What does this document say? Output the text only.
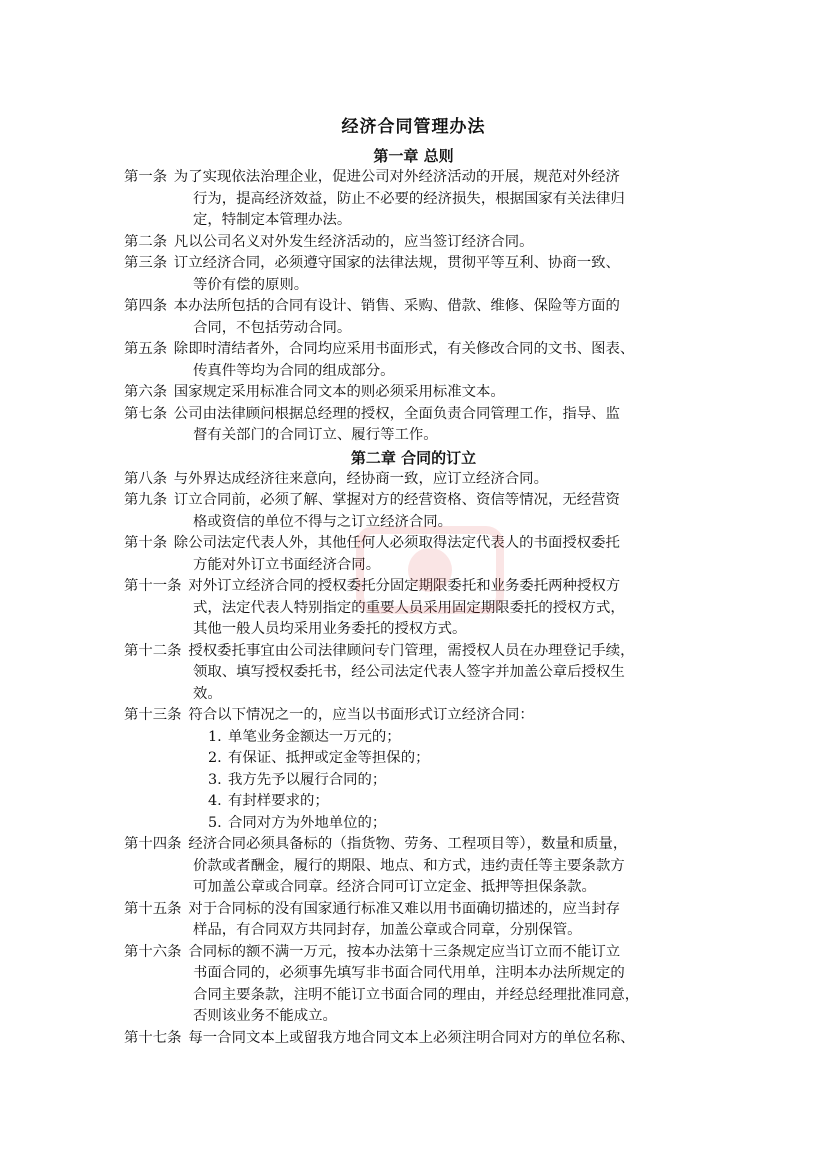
经济合同管理办法
第一章 总则
第一条 为了实现依法治理企业，促进公司对外经济活动的开展，规范对外经济
行为，提高经济效益，防止不必要的经济损失，根据国家有关法律归
定，特制定本管理办法。
第二条 凡以公司名义对外发生经济活动的，应当签订经济合同。
第三条 订立经济合同，必须遵守国家的法律法规，贯彻平等互利、协商一致、
等价有偿的原则。
第四条 本办法所包括的合同有设计、销售、采购、借款、维修、保险等方面的
合同，不包括劳动合同。
第五条 除即时清结者外，合同均应采用书面形式，有关修改合同的文书、图表、
传真件等均为合同的组成部分。
第六条 国家规定采用标准合同文本的则必须采用标准文本。
第七条 公司由法律顾问根据总经理的授权，全面负责合同管理工作，指导、监
督有关部门的合同订立、履行等工作。
第二章 合同的订立
第八条 与外界达成经济往来意向，经协商一致，应订立经济合同。
第九条 订立合同前，必须了解、掌握对方的经营资格、资信等情况，无经营资
格或资信的单位不得与之订立经济合同。
第十条 除公司法定代表人外，其他任何人必须取得法定代表人的书面授权委托
方能对外订立书面经济合同。
第十一条 对外订立经济合同的授权委托分固定期限委托和业务委托两种授权方
式，法定代表人特别指定的重要人员采用固定期限委托的授权方式，
其他一般人员均采用业务委托的授权方式。
第十二条 授权委托事宜由公司法律顾问专门管理，需授权人员在办理登记手续，
领取、填写授权委托书，经公司法定代表人签字并加盖公章后授权生
效。
第十三条 符合以下情况之一的，应当以书面形式订立经济合同：
1. 单笔业务金额达一万元的；
2. 有保证、抵押或定金等担保的；
3. 我方先予以履行合同的；
4. 有封样要求的；
5. 合同对方为外地单位的；
第十四条 经济合同必须具备标的（指货物、劳务、工程项目等），数量和质量，
价款或者酬金，履行的期限、地点、和方式，违约责任等主要条款方
可加盖公章或合同章。经济合同可订立定金、抵押等担保条款。
第十五条 对于合同标的没有国家通行标准又难以用书面确切描述的，应当封存
样品，有合同双方共同封存，加盖公章或合同章，分别保管。
第十六条 合同标的额不满一万元，按本办法第十三条规定应当订立而不能订立
书面合同的，必须事先填写非书面合同代用单，注明本办法所规定的
合同主要条款，注明不能订立书面合同的理由，并经总经理批准同意，
否则该业务不能成立。
第十七条 每一合同文本上或留我方地合同文本上必须注明合同对方的单位名称、
